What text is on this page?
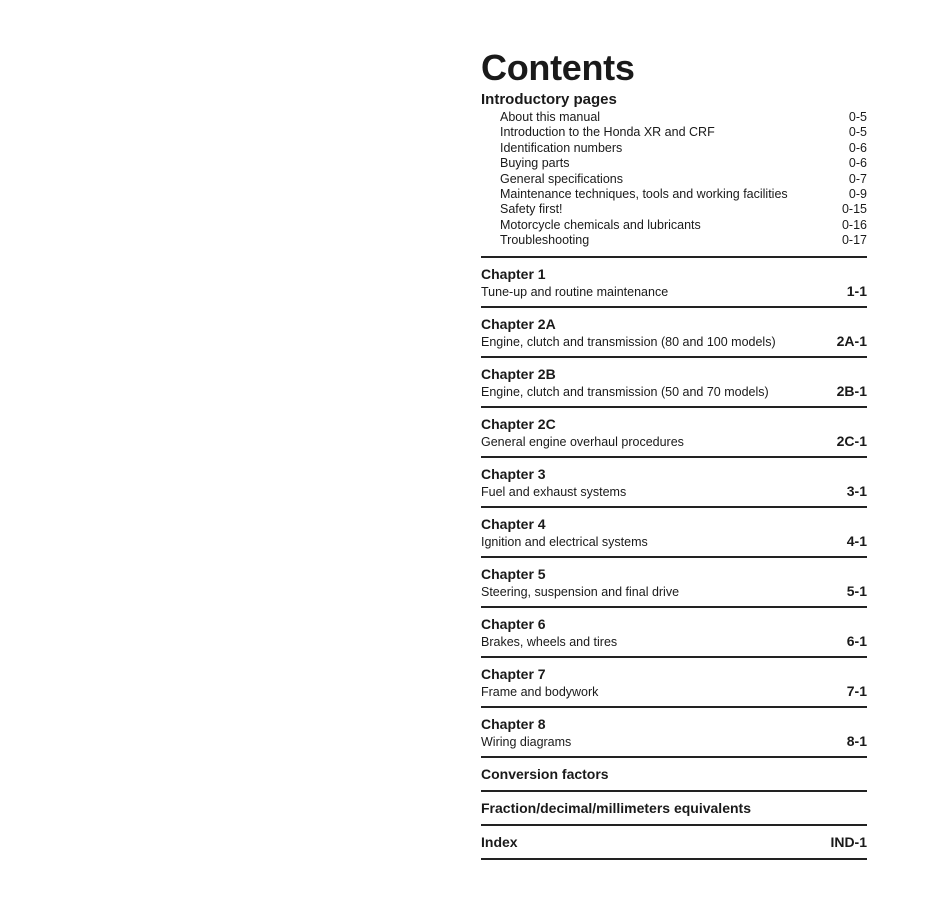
Contents
Introductory pages
About this manual	0-5
Introduction to the Honda XR and CRF	0-5
Identification numbers	0-6
Buying parts	0-6
General specifications	0-7
Maintenance techniques, tools and working facilities	0-9
Safety first!	0-15
Motorcycle chemicals and lubricants	0-16
Troubleshooting	0-17
Chapter 1
Tune-up and routine maintenance	1-1
Chapter 2A
Engine, clutch and transmission (80 and 100 models)	2A-1
Chapter 2B
Engine, clutch and transmission (50 and 70 models)	2B-1
Chapter 2C
General engine overhaul procedures	2C-1
Chapter 3
Fuel and exhaust systems	3-1
Chapter 4
Ignition and electrical systems	4-1
Chapter 5
Steering, suspension and final drive	5-1
Chapter 6
Brakes, wheels and tires	6-1
Chapter 7
Frame and bodywork	7-1
Chapter 8
Wiring diagrams	8-1
Conversion factors
Fraction/decimal/millimeters equivalents
Index	IND-1
